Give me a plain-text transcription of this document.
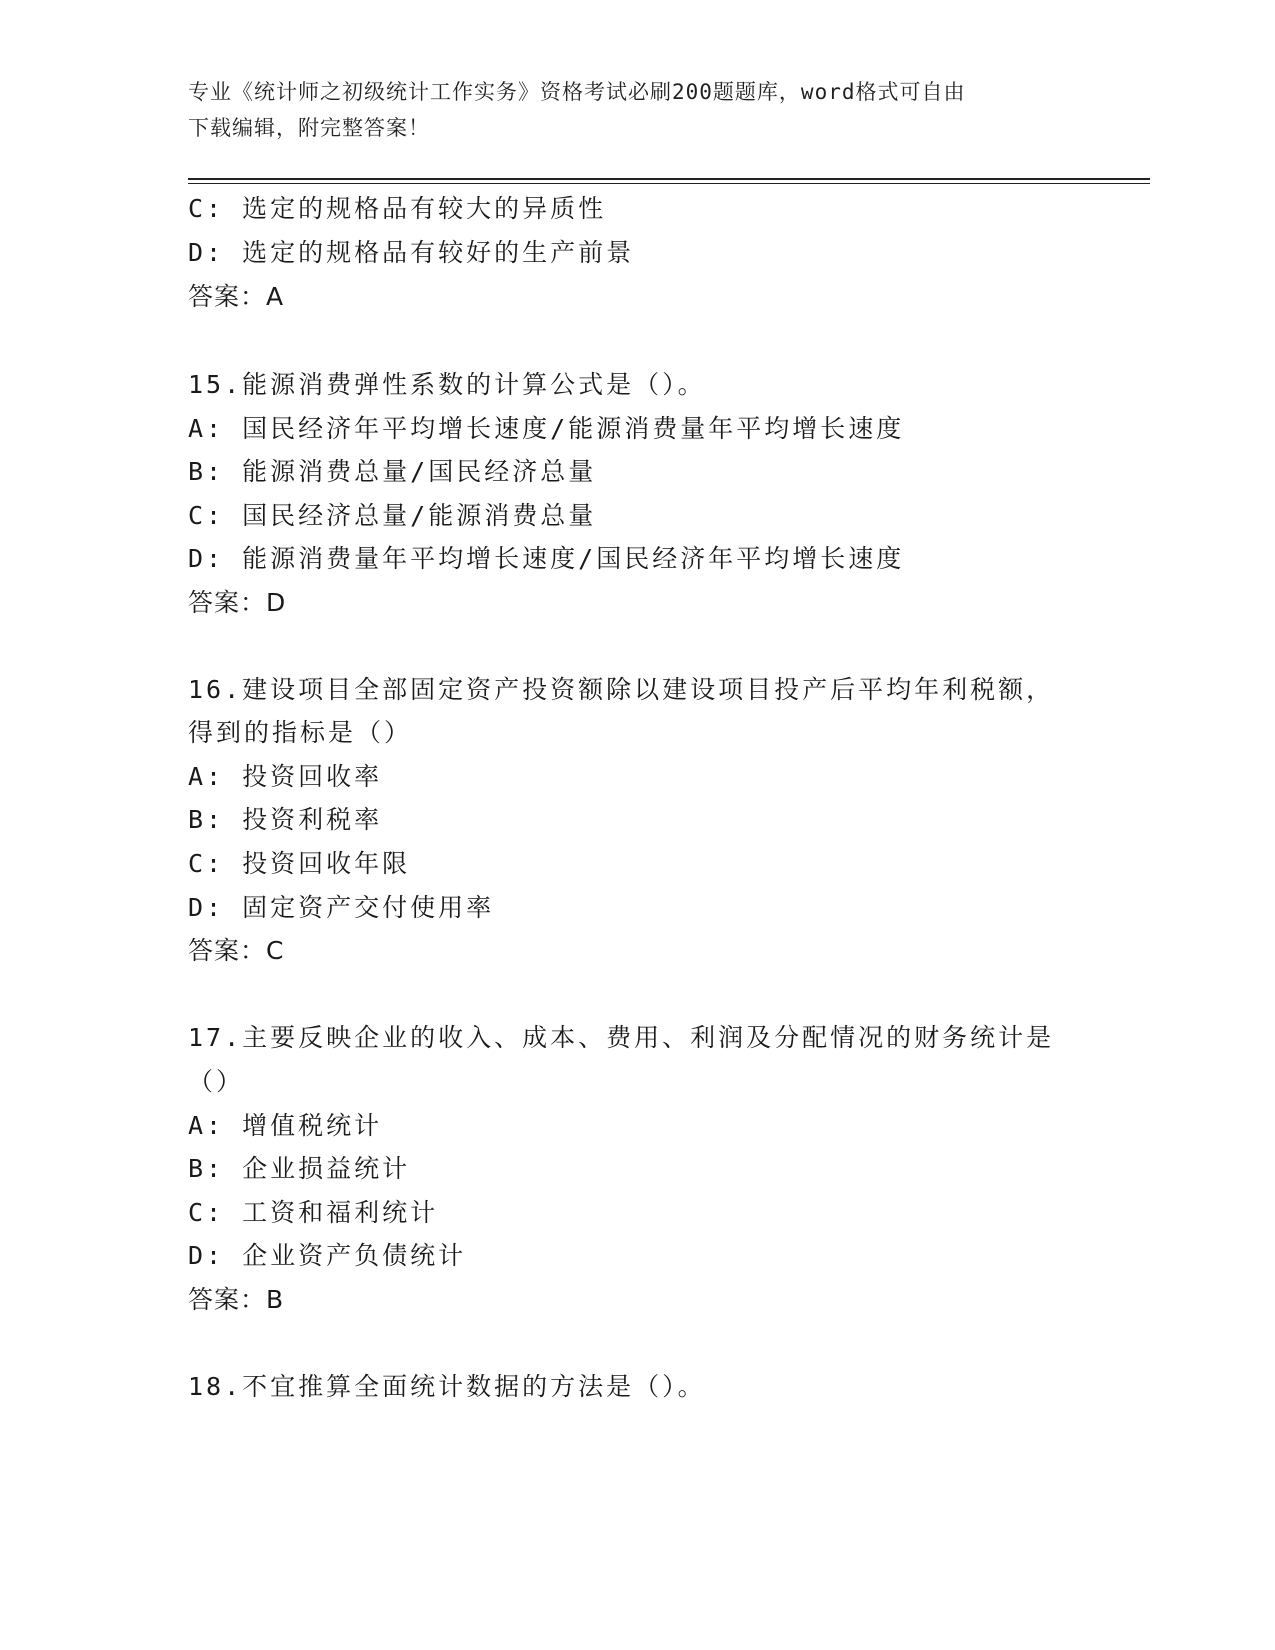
专业《统计师之初级统计工作实务》资格考试必刷200题题库，word格式可自由
下载编辑，附完整答案！
C: 选定的规格品有较大的异质性
D: 选定的规格品有较好的生产前景
答案：A
15.能源消费弹性系数的计算公式是（）。
A: 国民经济年平均增长速度/能源消费量年平均增长速度
B: 能源消费总量/国民经济总量
C: 国民经济总量/能源消费总量
D: 能源消费量年平均增长速度/国民经济年平均增长速度
答案：D
16.建设项目全部固定资产投资额除以建设项目投产后平均年利税额，
得到的指标是（）
A: 投资回收率
B: 投资利税率
C: 投资回收年限
D: 固定资产交付使用率
答案：C
17.主要反映企业的收入、成本、费用、利润及分配情况的财务统计是
（）
A: 增值税统计
B: 企业损益统计
C: 工资和福利统计
D: 企业资产负债统计
答案：B
18.不宜推算全面统计数据的方法是（）。
